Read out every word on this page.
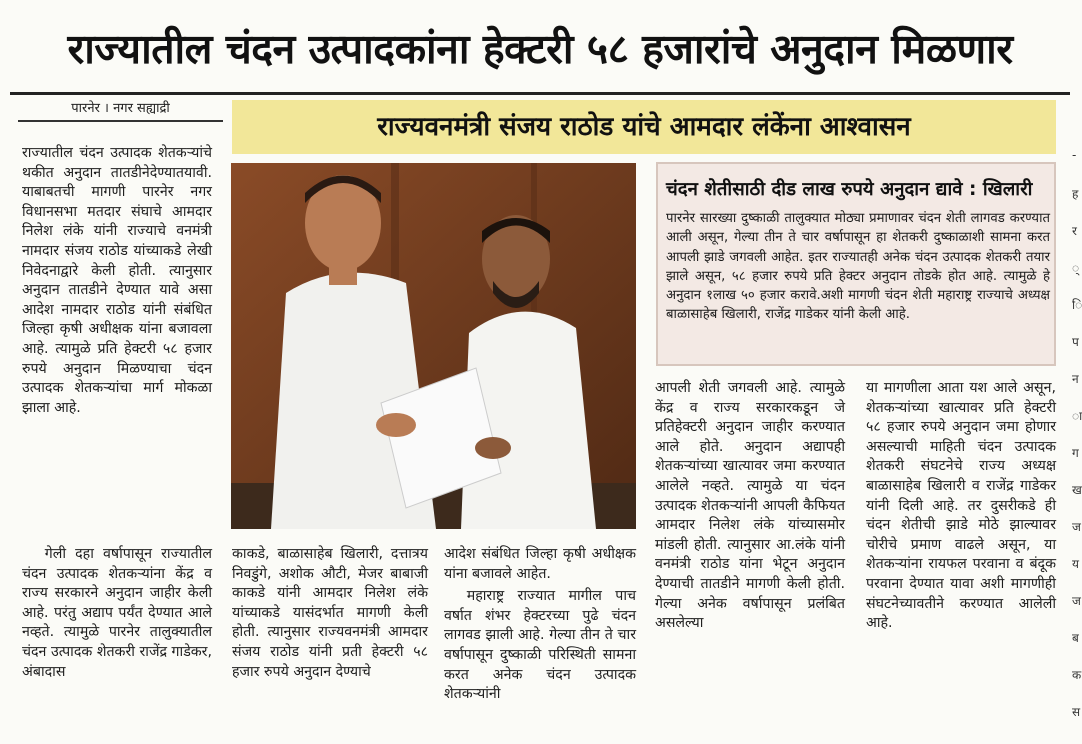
राज्यातील चंदन उत्पादकांना हेक्टरी ५८ हजारांचे अनुदान मिळणार
पारनेर । नगर सह्याद्री
राज्यवनमंत्री संजय राठोड यांचे आमदार लंकेंना आश्वासन

राज्यातील चंदन उत्पादक शेतकऱ्यांचे थकीत अनुदान तातडीनेदेण्यातयावी. याबाबतची मागणी पारनेर नगर विधानसभा मतदार संघाचे आमदार निलेश लंके यांनी राज्याचे वनमंत्री नामदार संजय राठोड यांच्याकडे लेखी निवेदनाद्वारे केली होती. त्यानुसार अनुदान तातडीने देण्यात यावे असा आदेश नामदार राठोड यांनी संबंधित जिल्हा कृषी अधीक्षक यांना बजावला आहे. त्यामुळे प्रति हेक्टरी ५८ हजार रुपये अनुदान मिळण्याचा चंदन उत्पादक शेतकऱ्यांचा मार्ग मोकळा झाला आहे.

गेली दहा वर्षापासून राज्यातील चंदन उत्पादक शेतकऱ्यांना केंद्र व राज्य सरकारने अनुदान जाहीर केली आहे. परंतु अद्याप पर्यंत देण्यात आले नव्हते. त्यामुळे पारनेर तालुक्यातील चंदन उत्पादक शेतकरी राजेंद्र गाडेकर, अंबादास

चंदन शेतीसाठी दीड लाख रुपये अनुदान द्यावे : खिलारी
पारनेर सारख्या दुष्काळी तालुक्यात मोठ्या प्रमाणावर चंदन शेती लागवड करण्यात आली असून, गेल्या तीन ते चार वर्षापासून हा शेतकरी दुष्काळाशी सामना करत आपली झाडे जगवली आहेत. इतर राज्यातही अनेक चंदन उत्पादक शेतकरी तयार झाले असून, ५८ हजार रुपये प्रति हेक्टर अनुदान तोडके होत आहे. त्यामुळे हे अनुदान १लाख ५० हजार करावे.अशी मागणी चंदन शेती महाराष्ट्र राज्याचे अध्यक्ष बाळासाहेब खिलारी, राजेंद्र गाडेकर यांनी केली आहे.

काकडे, बाळासाहेब खिलारी, दत्तात्रय निवडुंगे, अशोक औटी, मेजर बाबाजी काकडे यांनी आमदार निलेश लंके यांच्याकडे यासंदर्भात मागणी केली होती. त्यानुसार राज्यवनमंत्री आमदार संजय राठोड यांनी प्रती हेक्टरी ५८ हजार रुपये अनुदान देण्याचे

आदेश संबंधित जिल्हा कृषी अधीक्षक यांना बजावले आहेत.

महाराष्ट्र राज्यात मागील पाच वर्षात शंभर हेक्टरच्या पुढे चंदन लागवड झाली आहे. गेल्या तीन ते चार वर्षापासून दुष्काळी परिस्थिती सामना करत अनेक चंदन उत्पादक शेतकऱ्यांनी

आपली शेती जगवली आहे. त्यामुळे केंद्र व राज्य सरकारकडून जे प्रतिहेक्टरी अनुदान जाहीर करण्यात आले होते. अनुदान अद्यापही शेतकऱ्यांच्या खात्यावर जमा करण्यात आलेले नव्हते. त्यामुळे या चंदन उत्पादक शेतकऱ्यांनी आपली कैफियत आमदार निलेश लंके यांच्यासमोर मांडली होती. त्यानुसार आ.लंके यांनी वनमंत्री राठोड यांना भेटून अनुदान देण्याची तातडीने मागणी केली होती. गेल्या अनेक वर्षापासून प्रलंबित असलेल्या

या मागणीला आता यश आले असून, शेतकऱ्यांच्या खात्यावर प्रति हेक्टरी ५८ हजार रुपये अनुदान जमा होणार असल्याची माहिती चंदन उत्पादक शेतकरी संघटनेचे राज्य अध्यक्ष बाळासाहेब खिलारी व राजेंद्र गाडेकर यांनी दिली आहे. तर दुसरीकडे ही चंदन शेतीची झाडे मोठे झाल्यावर चोरीचे प्रमाण वाढले असून, या शेतकऱ्यांना रायफल परवाना व बंदूक परवाना देण्यात यावा अशी मागणीही संघटनेच्यावतीने करण्यात आलेली आहे.

-
ह
र
्
ि
प
न
ा
ग
ख
ज
य
ज
ब
क
स
